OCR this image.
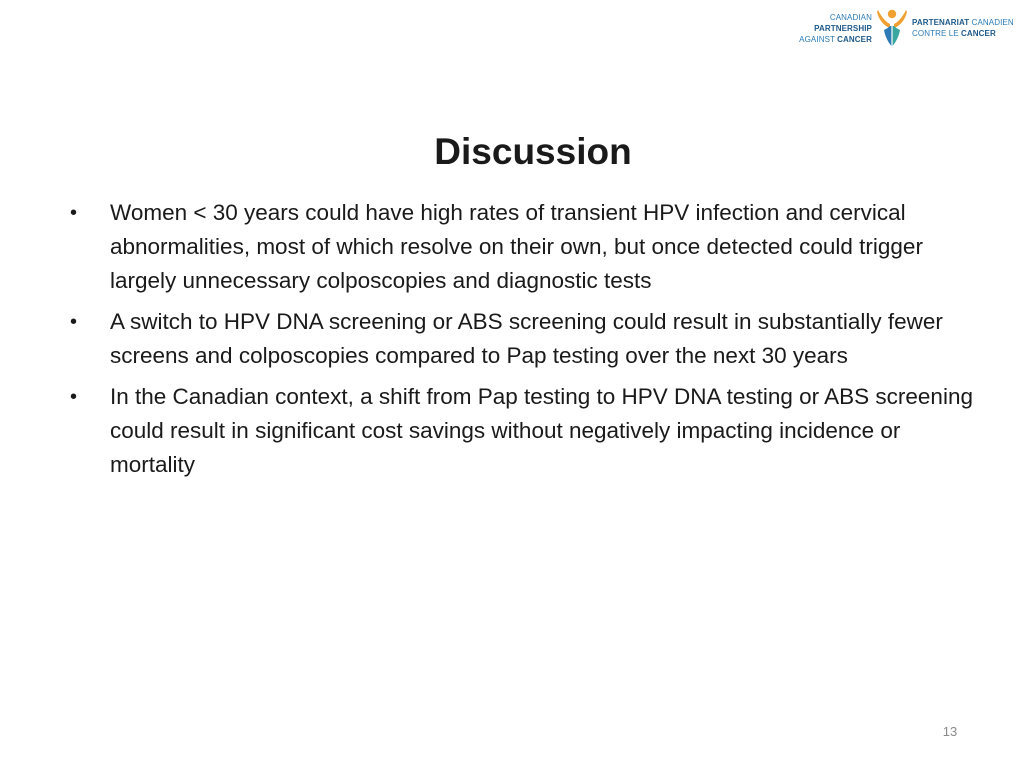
CANADIAN PARTNERSHIP
AGAINST CANCER
PARTENARIAT CANADIEN
CONTRE LE CANCER
Discussion
•	Women < 30 years could have high rates of transient HPV infection and cervical abnormalities, most of which resolve on their own, but once detected could trigger largely unnecessary colposcopies and diagnostic tests
•	A switch to HPV DNA screening or ABS screening could result in substantially fewer screens and colposcopies compared to Pap testing over the next 30 years
•	In the Canadian context, a shift from Pap testing to HPV DNA testing or ABS screening could result in significant cost savings without negatively impacting incidence or mortality
13
